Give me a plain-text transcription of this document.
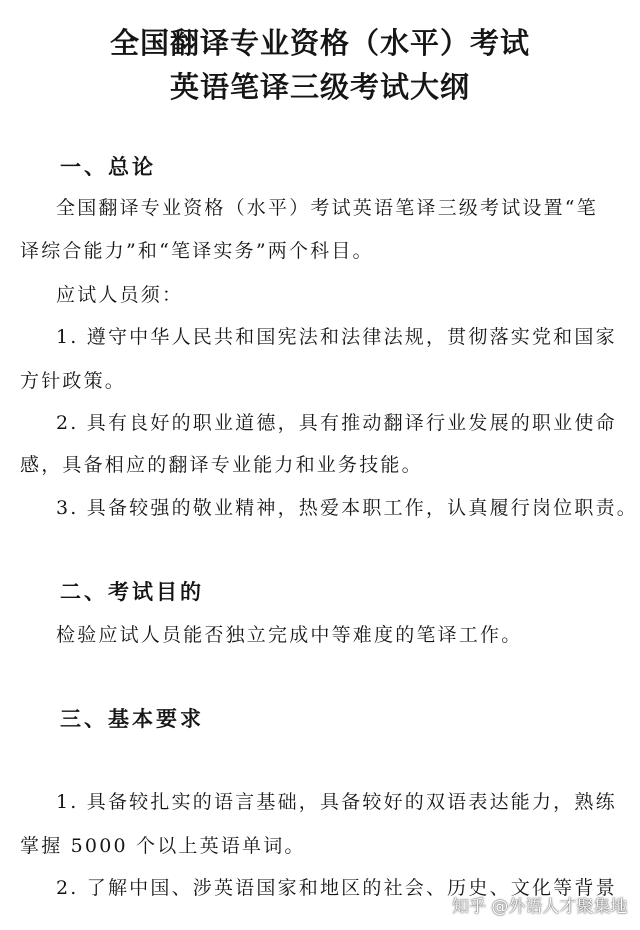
全国翻译专业资格（水平）考试
英语笔译三级考试大纲
一、总论

全国翻译专业资格（水平）考试英语笔译三级考试设置“笔

译综合能力”和“笔译实务”两个科目。

应试人员须：

1. 遵守中华人民共和国宪法和法律法规，贯彻落实党和国家

方针政策。

2. 具有良好的职业道德，具有推动翻译行业发展的职业使命

感，具备相应的翻译专业能力和业务技能。

3. 具备较强的敬业精神，热爱本职工作，认真履行岗位职责。

二、考试目的

检验应试人员能否独立完成中等难度的笔译工作。

三、基本要求

1. 具备较扎实的语言基础，具备较好的双语表达能力，熟练

掌握 5000 个以上英语单词。

2. 了解中国、涉英语国家和地区的社会、历史、文化等背景

知乎 @外语人才聚集地
